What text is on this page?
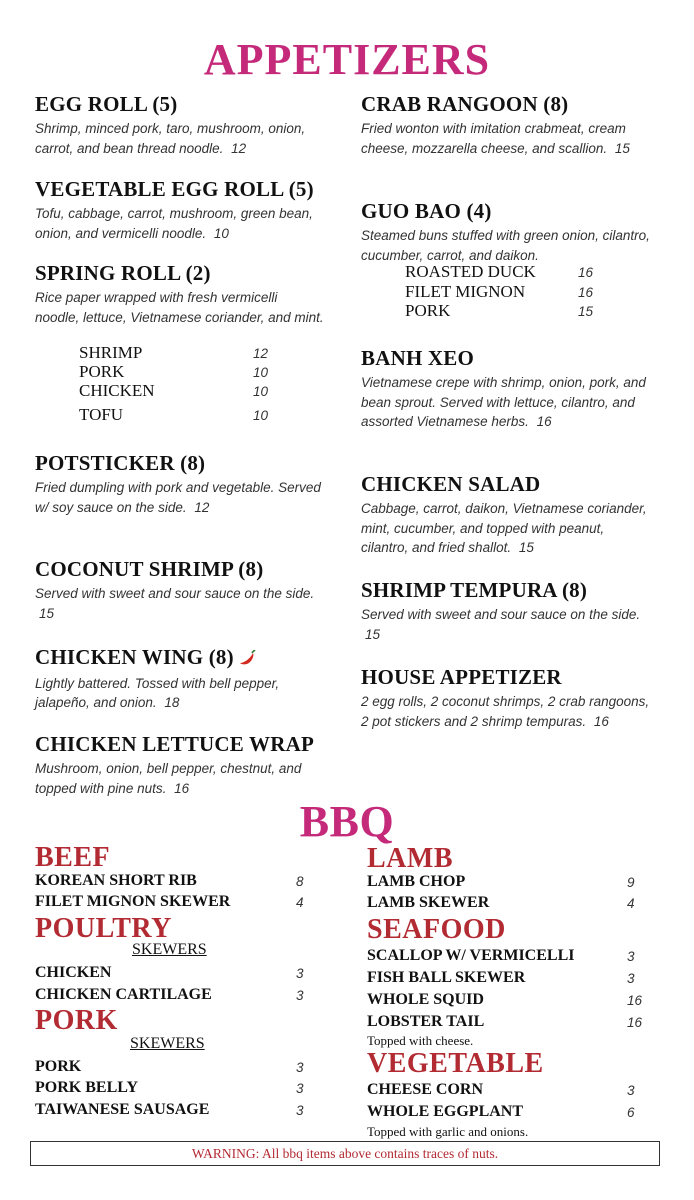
APPETIZERS
EGG ROLL (5)
Shrimp, minced pork, taro, mushroom, onion, carrot, and bean thread noodle. 12
VEGETABLE EGG ROLL (5)
Tofu, cabbage, carrot, mushroom, green bean, onion, and vermicelli noodle. 10
SPRING ROLL (2)
Rice paper wrapped with fresh vermicelli noodle, lettuce, Vietnamese coriander, and mint.
SHRIMP	12
PORK	10
CHICKEN	10
TOFU	10
POTSTICKER (8)
Fried dumpling with pork and vegetable. Served w/ soy sauce on the side. 12
COCONUT SHRIMP (8)
Served with sweet and sour sauce on the side. 15
CHICKEN WING (8)
Lightly battered. Tossed with bell pepper, jalapeño, and onion. 18
CHICKEN LETTUCE WRAP
Mushroom, onion, bell pepper, chestnut, and topped with pine nuts. 16
CRAB RANGOON (8)
Fried wonton with imitation crabmeat, cream cheese, mozzarella cheese, and scallion. 15
GUO BAO (4)
Steamed buns stuffed with green onion, cilantro, cucumber, carrot, and daikon.
ROASTED DUCK	16
FILET MIGNON	16
PORK	15
BANH XEO
Vietnamese crepe with shrimp, onion, pork, and bean sprout. Served with lettuce, cilantro, and assorted Vietnamese herbs. 16
CHICKEN SALAD
Cabbage, carrot, daikon, Vietnamese coriander, mint, cucumber, and topped with peanut, cilantro, and fried shallot. 15
SHRIMP TEMPURA (8)
Served with sweet and sour sauce on the side. 15
HOUSE APPETIZER
2 egg rolls, 2 coconut shrimps, 2 crab rangoons, 2 pot stickers and 2 shrimp tempuras. 16
BBQ
BEEF
KOREAN SHORT RIB	8
FILET MIGNON SKEWER	4
POULTRY
SKEWERS
CHICKEN	3
CHICKEN CARTILAGE	3
PORK
SKEWERS
PORK	3
PORK BELLY	3
TAIWANESE SAUSAGE	3
LAMB
LAMB CHOP	9
LAMB SKEWER	4
SEAFOOD
SCALLOP W/ VERMICELLI	3
FISH BALL SKEWER	3
WHOLE SQUID	16
LOBSTER TAIL	16
Topped with cheese.
VEGETABLE
CHEESE CORN	3
WHOLE EGGPLANT	6
Topped with garlic and onions.
WARNING: All bbq items above contains traces of nuts.
